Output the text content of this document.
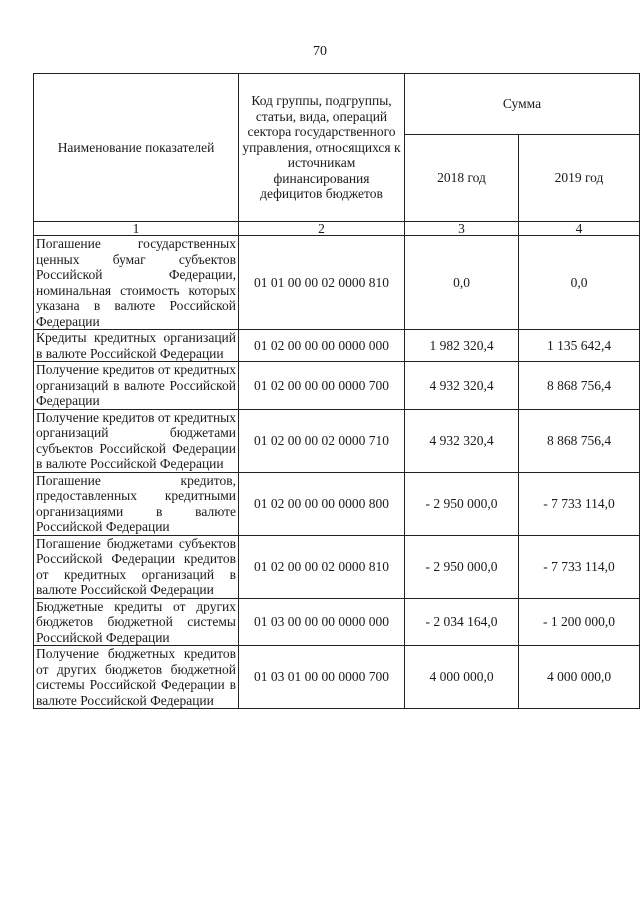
70
Наименование показателей	Код группы, подгруппы, статьи, вида, операций сектора государственного управления, относящихся к источникам финансирования дефицитов бюджетов	Сумма	
		2018 год	2019 год
1	2	3	4
Погашение государственных ценных бумаг субъектов Российской Федерации, номинальная стоимость которых указана в валюте Российской Федерации	01 01 00 00 02 0000 810	0,0	0,0
Кредиты кредитных организаций в валюте Российской Федерации	01 02 00 00 00 0000 000	1 982 320,4	1 135 642,4
Получение кредитов от кредитных организаций в валюте Российской Федерации	01 02 00 00 00 0000 700	4 932 320,4	8 868 756,4
Получение кредитов от кредитных организаций бюджетами субъектов Российской Федерации в валюте Российской Федерации	01 02 00 00 02 0000 710	4 932 320,4	8 868 756,4
Погашение кредитов, предоставленных кредитными организациями в валюте Российской Федерации	01 02 00 00 00 0000 800	- 2 950 000,0	- 7 733 114,0
Погашение бюджетами субъектов Российской Федерации кредитов от кредитных организаций в валюте Российской Федерации	01 02 00 00 02 0000 810	- 2 950 000,0	- 7 733 114,0
Бюджетные кредиты от других бюджетов бюджетной системы Российской Федерации	01 03 00 00 00 0000 000	- 2 034 164,0	- 1 200 000,0
Получение бюджетных кредитов от других бюджетов бюджетной системы Российской Федерации в валюте Российской Федерации	01 03 01 00 00 0000 700	4 000 000,0	4 000 000,0
